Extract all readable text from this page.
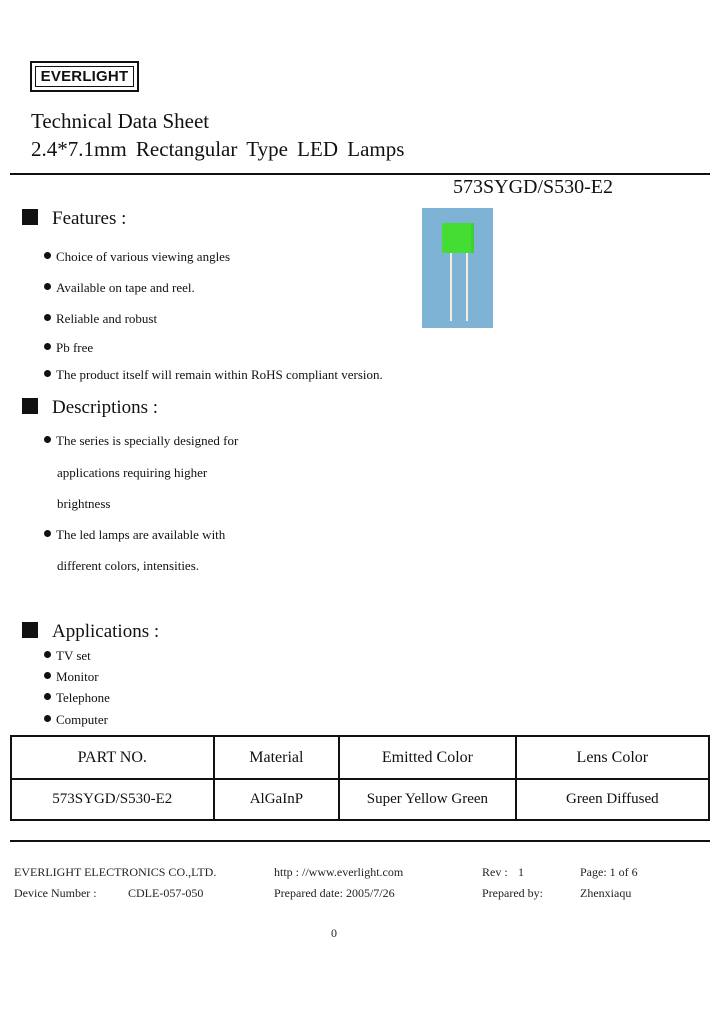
EVERLIGHT
Technical Data Sheet
2.4*7.1mm Rectangular Type LED Lamps
573SYGD/S530-E2
Features :
Choice of various viewing angles
Available on tape and reel.
Reliable and robust
Pb free
The product itself will remain within RoHS compliant version.
Descriptions :
The series is specially designed for
applications requiring higher
brightness
The led lamps are available with
different colors, intensities.
Applications :
TV set
Monitor
Telephone
Computer
PART NO.	Material	Emitted Color	Lens Color
573SYGD/S530-E2	AlGaInP	Super Yellow Green	Green Diffused
EVERLIGHT ELECTRONICS CO.,LTD.	http : //www.everlight.com	Rev : 1	Page: 1 of 6
Device Number :	CDLE-057-050	Prepared date: 2005/7/26	Prepared by:	Zhenxiaqu
0
